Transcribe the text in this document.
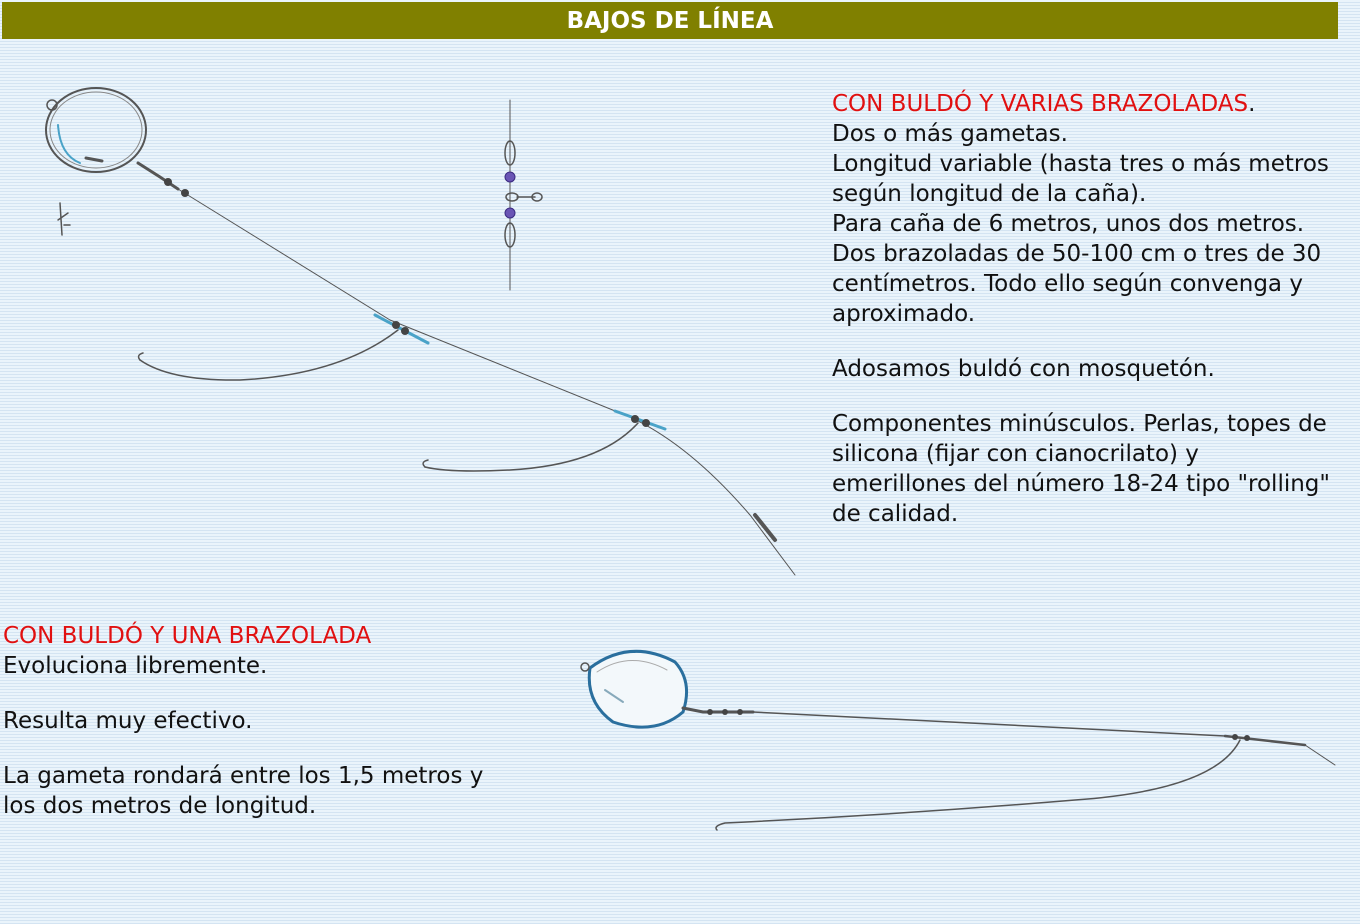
BAJOS DE LÍNEA

CON BULDÓ Y VARIAS BRAZOLADAS.

Dos o más gametas.

Longitud variable (hasta tres o más metros según longitud de la caña).

Para caña de 6 metros, unos dos metros.

Dos brazoladas de 50-100 cm o tres de 30 centímetros. Todo ello según convenga y aproximado.

Adosamos buldó con mosquetón.

Componentes minúsculos. Perlas, topes de silicona (fijar con cianocrilato) y emerillones del número 18-24 tipo "rolling" de calidad.

CON BULDÓ Y UNA BRAZOLADA

Evoluciona libremente.

Resulta muy efectivo.

La gameta rondará entre los 1,5 metros y los dos metros de longitud.
